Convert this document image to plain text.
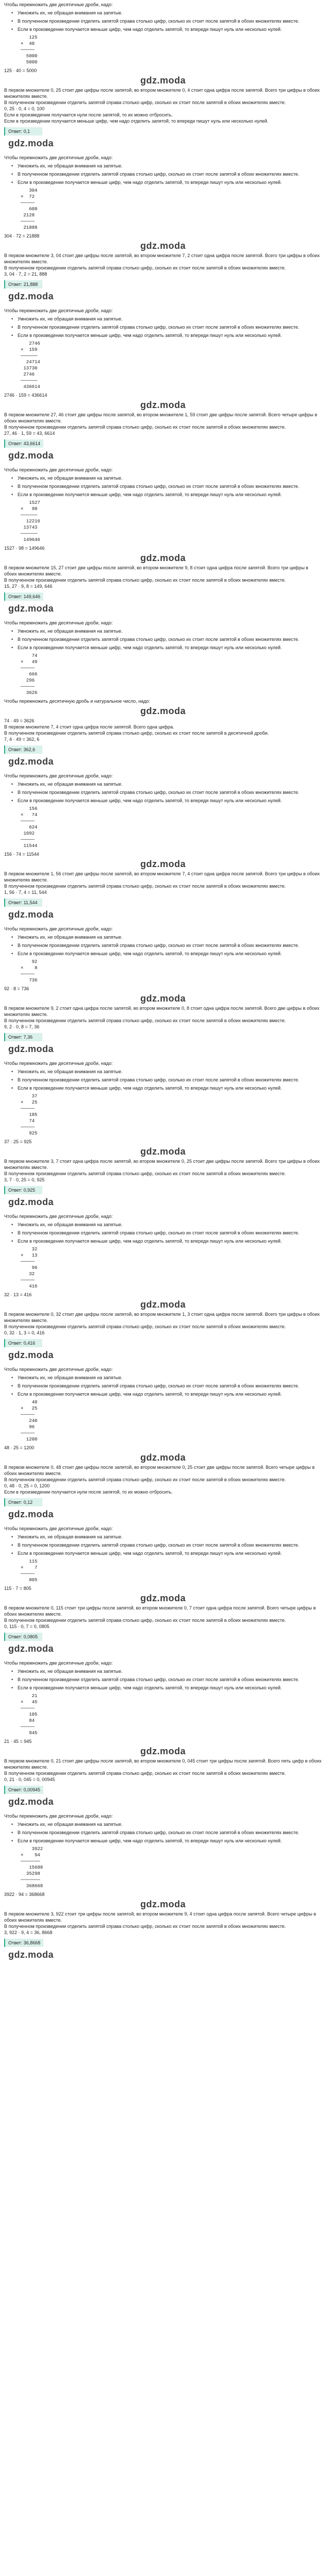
Чтобы перемножить две десятичные дроби, надо:

• Умножить их, не обращая внимания на запятые.
• В полученном произведении отделить запятой справа столько цифр, сколько их стоит после запятой в обоих множителях вместе.
• Если в произведении получается меньше цифр, чем надо отделить запятой, то впереди пишут нуль или несколько нулей.
125
×  40
─────
5000
5000

125 · 40 = 5000

gdz.moda

В первом множителе 0, 25 стоит две цифры после запятой, во втором множителе 0, 4 стоит одна цифра после запятой. Всего три цифры в обоих множителях вместе.

В полученном произведении отделить запятой справа столько цифр, сколько их стоит после запятой в обоих множителях вместе.

0, 25 · 0, 4 = 0, 100

Если в произведении получается нули после запятой, то их можно отбросить.

Если в произведении получается меньше цифр, чем надо отделить запятой, то впереди пишут нуль или несколько нулей.

Ответ: 0,1
gdz.moda

Чтобы перемножить две десятичные дроби, надо:

• Умножить их, не обращая внимания на запятые.
• В полученном произведении отделить запятой справа столько цифр, сколько их стоит после запятой в обоих множителях вместе.
• Если в произведении получается меньше цифр, чем надо отделить запятой, то впереди пишут нуль или несколько нулей.
304
×  72
─────
608
2128
─────
21888

304 · 72 = 21888

gdz.moda

В первом множителе 3, 04 стоит две цифры после запятой, во втором множителе 7, 2 стоит одна цифра после запятой. Всего три цифры в обоих множителях вместе.

В полученном произведении отделить запятой справа столько цифр, сколько их стоит после запятой в обоих множителях вместе.

3, 04 · 7, 2 = 21, 888

Ответ: 21,888
gdz.moda

Чтобы перемножить две десятичные дроби, надо:

• Умножить их, не обращая внимания на запятые.
• В полученном произведении отделить запятой справа столько цифр, сколько их стоит после запятой в обоих множителях вместе.
• Если в произведении получается меньше цифр, чем надо отделить запятой, то впереди пишут нуль или несколько нулей.
2746
×  159
──────
24714
13730
2746
──────
436614

2746 · 159 = 436614

gdz.moda

В первом множителе 27, 46 стоит две цифры после запятой, во втором множителе 1, 59 стоит две цифры после запятой. Всего четыре цифры в обоих множителях вместе.

В полученном произведении отделить запятой справа столько цифр, сколько их стоит после запятой в обоих множителях вместе.

27, 46 · 1, 59 = 43, 6614

Ответ: 43,6614
gdz.moda

Чтобы перемножить две десятичные дроби, надо:

• Умножить их, не обращая внимания на запятые.
• В полученном произведении отделить запятой справа столько цифр, сколько их стоит после запятой в обоих множителях вместе.
• Если в произведении получается меньше цифр, чем надо отделить запятой, то впереди пишут нуль или несколько нулей.
1527
×   98
──────
12216
13743
──────
149646

1527 · 98 = 149646

gdz.moda

В первом множителе 15, 27 стоит две цифры после запятой, во втором множителе 9, 8 стоит одна цифра после запятой. Всего три цифры в обоих множителях вместе.

В полученном произведении отделить запятой справа столько цифр, сколько их стоит после запятой в обоих множителях вместе.

15, 27 · 9, 8 = 149, 646

Ответ: 149,646
gdz.moda

Чтобы перемножить две десятичные дроби, надо:

• Умножить их, не обращая внимания на запятые.
• В полученном произведении отделить запятой справа столько цифр, сколько их стоит после запятой в обоих множителях вместе.
• Если в произведении получается меньше цифр, чем надо отделить запятой, то впереди пишут нуль или несколько нулей.
74
×   49
─────
666
296
─────
3626

Чтобы перемножить десятичную дробь и натуральное число, надо:

gdz.moda

74 · 49 = 3626

В первом множителе 7, 4 стоит одна цифра после запятой. Всего одна цифра.

В полученном произведении отделить запятой справа столько цифр, сколько их стоит после запятой в десятичной дроби.

7, 4 · 49 = 362, 6

Ответ: 362,6
gdz.moda

Чтобы перемножить две десятичные дроби, надо:

• Умножить их, не обращая внимания на запятые.
• В полученном произведении отделить запятой справа столько цифр, сколько их стоит после запятой в обоих множителях вместе.
• Если в произведении получается меньше цифр, чем надо отделить запятой, то впереди пишут нуль или несколько нулей.
156
×   74
─────
624
1092
─────
11544

156 · 74 = 11544

gdz.moda

В первом множителе 1, 56 стоит две цифры после запятой, во втором множителе 7, 4 стоит одна цифра после запятой. Всего три цифры в обоих множителях вместе.

В полученном произведении отделить запятой справа столько цифр, сколько их стоит после запятой в обоих множителях вместе.

1, 56 · 7, 4 = 11, 544

Ответ: 11,544
gdz.moda

Чтобы перемножить две десятичные дроби, надо:

• Умножить их, не обращая внимания на запятые.
• В полученном произведении отделить запятой справа столько цифр, сколько их стоит после запятой в обоих множителях вместе.
• Если в произведении получается меньше цифр, чем надо отделить запятой, то впереди пишут нуль или несколько нулей.
92
×    8
─────
736

92 · 8 = 736

gdz.moda

В первом множителе 9, 2 стоит одна цифра после запятой, во втором множителе 0, 8 стоит одна цифра после запятой. Всего две цифры в обоих множителях вместе.

В полученном произведении отделить запятой справа столько цифр, сколько их стоит после запятой в обоих множителях вместе.

9, 2 · 0, 8 = 7, 36

Ответ: 7,36
gdz.moda

Чтобы перемножить две десятичные дроби, надо:

• Умножить их, не обращая внимания на запятые.
• В полученном произведении отделить запятой справа столько цифр, сколько их стоит после запятой в обоих множителях вместе.
• Если в произведении получается меньше цифр, чем надо отделить запятой, то впереди пишут нуль или несколько нулей.
37
×   25
─────
185
74
─────
925

37 · 25 = 925

gdz.moda

В первом множителе 3, 7 стоит одна цифра после запятой, во втором множителе 0, 25 стоит две цифры после запятой. Всего три цифры в обоих множителях вместе.

В полученном произведении отделить запятой справа столько цифр, сколько их стоит после запятой в обоих множителях вместе.

3, 7 · 0, 25 = 0, 925

Ответ: 0,925
gdz.moda

Чтобы перемножить две десятичные дроби, надо:

• Умножить их, не обращая внимания на запятые.
• В полученном произведении отделить запятой справа столько цифр, сколько их стоит после запятой в обоих множителях вместе.
• Если в произведении получается меньше цифр, чем надо отделить запятой, то впереди пишут нуль или несколько нулей.
32
×   13
─────
96
32
─────
416

32 · 13 = 416

gdz.moda

В первом множителе 0, 32 стоит две цифры после запятой, во втором множителе 1, 3 стоит одна цифра после запятой. Всего три цифры в обоих множителях вместе.

В полученном произведении отделить запятой справа столько цифр, сколько их стоит после запятой в обоих множителях вместе.

0, 32 · 1, 3 = 0, 416

Ответ: 0,416
gdz.moda

Чтобы перемножить две десятичные дроби, надо:

• Умножить их, не обращая внимания на запятые.
• В полученном произведении отделить запятой справа столько цифр, сколько их стоит после запятой в обоих множителях вместе.
• Если в произведении получается меньше цифр, чем надо отделить запятой, то впереди пишут нуль или несколько нулей.
48
×   25
─────
240
96
─────
1200

48 · 25 = 1200

gdz.moda

В первом множителе 0, 48 стоит две цифры после запятой, во втором множителе 0, 25 стоит две цифры после запятой. Всего четыре цифры в обоих множителях вместе.

В полученном произведении отделить запятой справа столько цифр, сколько их стоит после запятой в обоих множителях вместе.

0, 48 · 0, 25 = 0, 1200

Если в произведении получается нули после запятой, то их можно отбросить.

Ответ: 0,12
gdz.moda

Чтобы перемножить две десятичные дроби, надо:

• Умножить их, не обращая внимания на запятые.
• В полученном произведении отделить запятой справа столько цифр, сколько их стоит после запятой в обоих множителях вместе.
• Если в произведении получается меньше цифр, чем надо отделить запятой, то впереди пишут нуль или несколько нулей.
115
×    7
─────
805

115 · 7 = 805

gdz.moda

В первом множителе 0, 115 стоит три цифры после запятой, во втором множителе 0, 7 стоит одна цифра после запятой. Всего четыре цифры в обоих множителях вместе.

В полученном произведении отделить запятой справа столько цифр, сколько их стоит после запятой в обоих множителях вместе.

0, 115 · 0, 7 = 0, 0805

Ответ: 0,0805
gdz.moda

Чтобы перемножить две десятичные дроби, надо:

• Умножить их, не обращая внимания на запятые.
• В полученном произведении отделить запятой справа столько цифр, сколько их стоит после запятой в обоих множителях вместе.
• Если в произведении получается меньше цифр, чем надо отделить запятой, то впереди пишут нуль или несколько нулей.
21
×   45
─────
105
84
─────
945

21 · 45 = 945

gdz.moda

В первом множителе 0, 21 стоит две цифры после запятой, во втором множителе 0, 045 стоит три цифры после запятой. Всего пять цифр в обоих множителях вместе.

В полученном произведении отделить запятой справа столько цифр, сколько их стоит после запятой в обоих множителях вместе.

0, 21 · 0, 045 = 0, 00945

Ответ: 0,00945
gdz.moda

Чтобы перемножить две десятичные дроби, надо:

• Умножить их, не обращая внимания на запятые.
• В полученном произведении отделить запятой справа столько цифр, сколько их стоит после запятой в обоих множителях вместе.
• Если в произведении получается меньше цифр, чем надо отделить запятой, то впереди пишут нуль или несколько нулей.
3922
×    94
───────
15688
35298
───────
368668

3922 · 94 = 368668

gdz.moda

В первом множителе 3, 922 стоит три цифры после запятой, во втором множителе 9, 4 стоит одна цифра после запятой. Всего четыре цифры в обоих множителях вместе.

В полученном произведении отделить запятой справа столько цифр, сколько их стоит после запятой в обоих множителях вместе.

3, 922 · 9, 4 = 36, 8668

Ответ: 36,8668
gdz.moda
